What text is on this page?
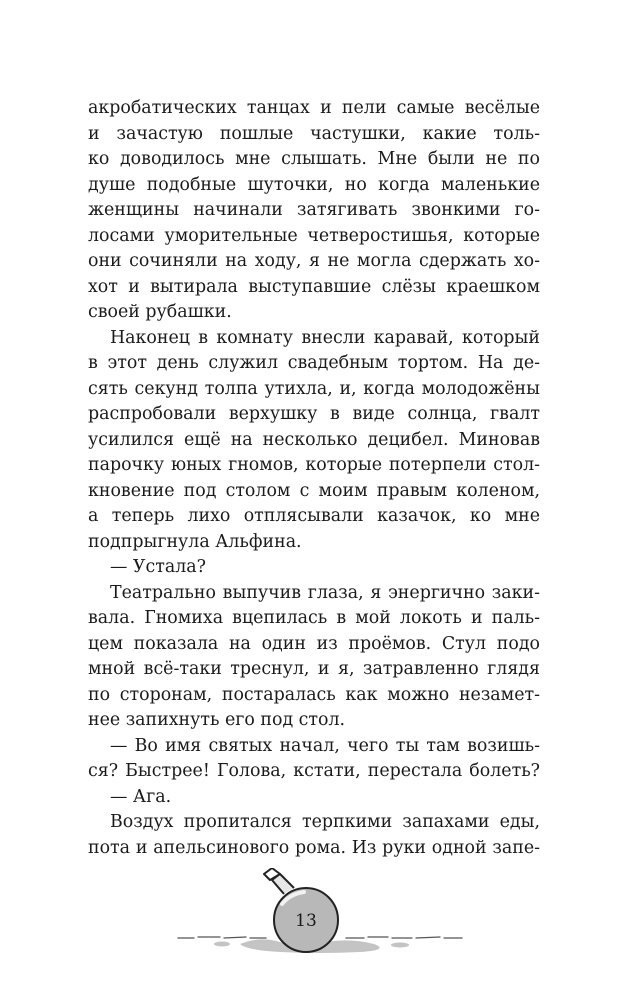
акробатических танцах и пели самые весёлые
и зачастую пошлые частушки, какие толь-
ко доводилось мне слышать. Мне были не по
душе подобные шуточки, но когда маленькие
женщины начинали затягивать звонкими го-
лосами уморительные четверостишья, которые
они сочиняли на ходу, я не могла сдержать хо-
хот и вытирала выступавшие слёзы краешком
своей рубашки.
Наконец в комнату внесли каравай, который
в этот день служил свадебным тортом. На де-
сять секунд толпа утихла, и, когда молодожёны
распробовали верхушку в виде солнца, гвалт
усилился ещё на несколько децибел. Миновав
парочку юных гномов, которые потерпели стол-
кновение под столом с моим правым коленом,
а теперь лихо отплясывали казачок, ко мне
подпрыгнула Альфина.
— Устала?
Театрально выпучив глаза, я энергично заки-
вала. Гномиха вцепилась в мой локоть и паль-
цем показала на один из проёмов. Стул подо
мной всё-таки треснул, и я, затравленно глядя
по сторонам, постаралась как можно незамет-
нее запихнуть его под стол.
— Во имя святых начал, чего ты там возишь-
ся? Быстрее! Голова, кстати, перестала болеть?
— Ага.
Воздух пропитался терпкими запахами еды,
пота и апельсинового рома. Из руки одной запе-
13
